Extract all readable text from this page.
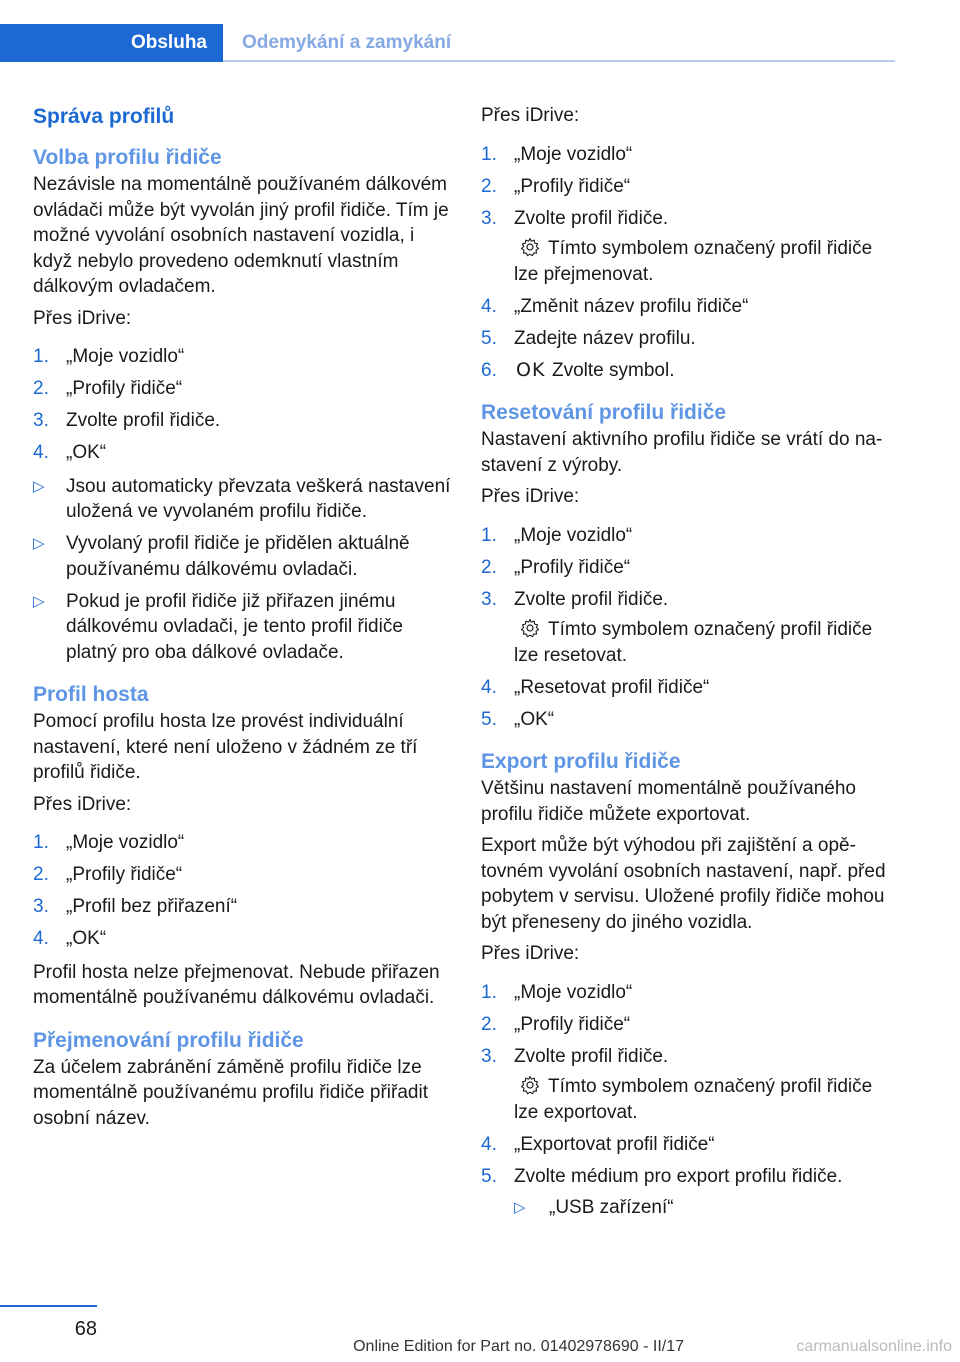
Obsluha	Odemykání a zamykání
Správa profilů
Volba profilu řidiče

Nezávisle na momentálně používaném dálkovém ovládači může být vyvolán jiný profil řidiče. Tím je možné vyvolání osobních nastavení vozidla, i když nebylo provedeno odemknutí vlastním dálkovým ovladačem.

Přes iDrive:

1. „Moje vozidlo“
2. „Profily řidiče“
3. Zvolte profil řidiče.
4. „OK“
▷ Jsou automaticky převzata veškerá nastavení uložená ve vyvolaném profilu řidiče.
▷ Vyvolaný profil řidiče je přidělen aktuálně používanému dálkovému ovladači.
▷ Pokud je profil řidiče již přiřazen jinému dálkovému ovladači, je tento profil řidiče platný pro oba dálkové ovladače.
Profil hosta

Pomocí profilu hosta lze provést individuální nastavení, které není uloženo v žádném ze tří profilů řidiče.

Přes iDrive:

1. „Moje vozidlo“
2. „Profily řidiče“
3. „Profil bez přiřazení“
4. „OK“

Profil hosta nelze přejmenovat. Nebude přiřazen momentálně používanému dálkovému ovladači.

Přejmenování profilu řidiče

Za účelem zabránění záměně profilu řidiče lze momentálně používanému profilu řidiče přiřadit osobní název.

Přes iDrive:

1. „Moje vozidlo“
2. „Profily řidiče“
3. Zvolte profil řidiče.
Tímto symbolem označený profil řidiče lze přejmenovat.
4. „Změnit název profilu řidiče“
5. Zadejte název profilu.
6. OK Zvolte symbol.
Resetování profilu řidiče

Nastavení aktivního profilu řidiče se vrátí do nastavení z výroby.

Přes iDrive:

1. „Moje vozidlo“
2. „Profily řidiče“
3. Zvolte profil řidiče.
Tímto symbolem označený profil řidiče lze resetovat.
4. „Resetovat profil řidiče“
5. „OK“
Export profilu řidiče

Většinu nastavení momentálně používaného profilu řidiče můžete exportovat.

Export může být výhodou při zajištění a opětovném vyvolání osobních nastavení, např. před pobytem v servisu. Uložené profily řidiče mohou být přeneseny do jiného vozidla.

Přes iDrive:

1. „Moje vozidlo“
2. „Profily řidiče“
3. Zvolte profil řidiče.
Tímto symbolem označený profil řidiče lze exportovat.
4. „Exportovat profil řidiče“
5. Zvolte médium pro export profilu řidiče.
▷ „USB zařízení“
68
Online Edition for Part no. 01402978690 - II/17	carmanualsonline.info
